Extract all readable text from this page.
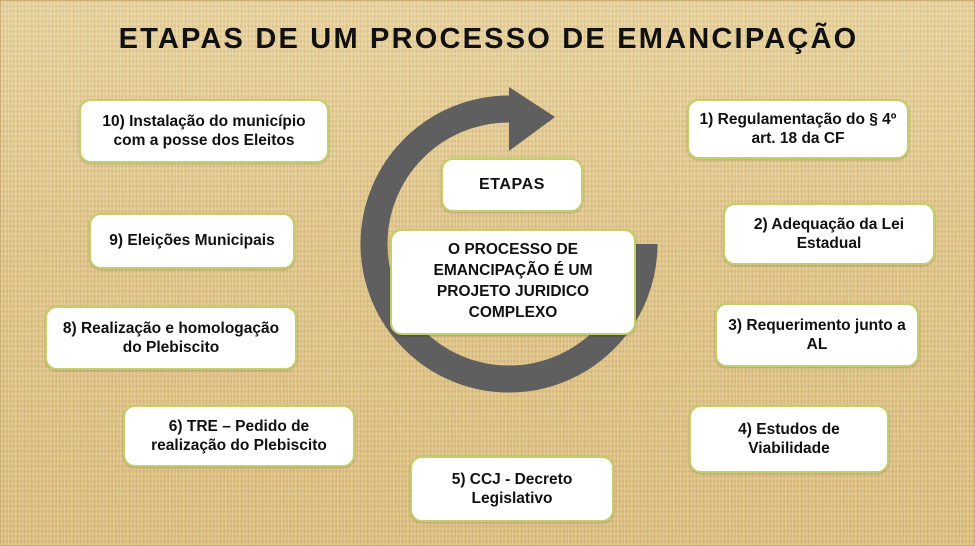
ETAPAS DE UM PROCESSO DE EMANCIPAÇÃO
ETAPAS
O PROCESSO DE
EMANCIPAÇÃO É UM
PROJETO JURIDICO
COMPLEXO
1) Regulamentação do § 4º art. 18 da CF
2) Adequação da Lei Estadual
3) Requerimento junto a AL
4) Estudos de Viabilidade
5) CCJ - Decreto Legislativo
6) TRE – Pedido de realização do Plebiscito
8) Realização e homologação do Plebiscito
9) Eleições Municipais
10) Instalação do município com a posse dos Eleitos
